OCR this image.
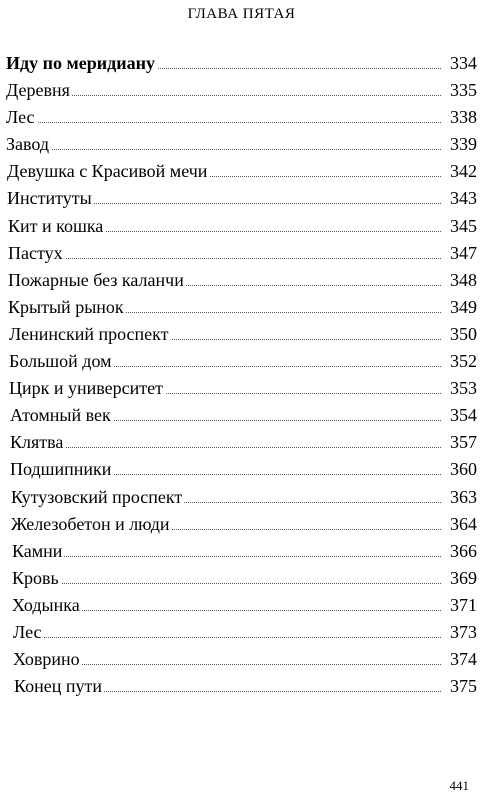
ГЛАВА ПЯТАЯ
Иду по меридиану	334
Деревня	335
Лес	338
Завод	339
Девушка с Красивой мечи	342
Институты	343
Кит и кошка	345
Пастух	347
Пожарные без каланчи	348
Крытый рынок	349
Ленинский проспект	350
Большой дом	352
Цирк и университет	353
Атомный век	354
Клятва	357
Подшипники	360
Кутузовский проспект	363
Железобетон и люди	364
Камни	366
Кровь	369
Ходынка	371
Лес	373
Ховрино	374
Конец пути	375
441
